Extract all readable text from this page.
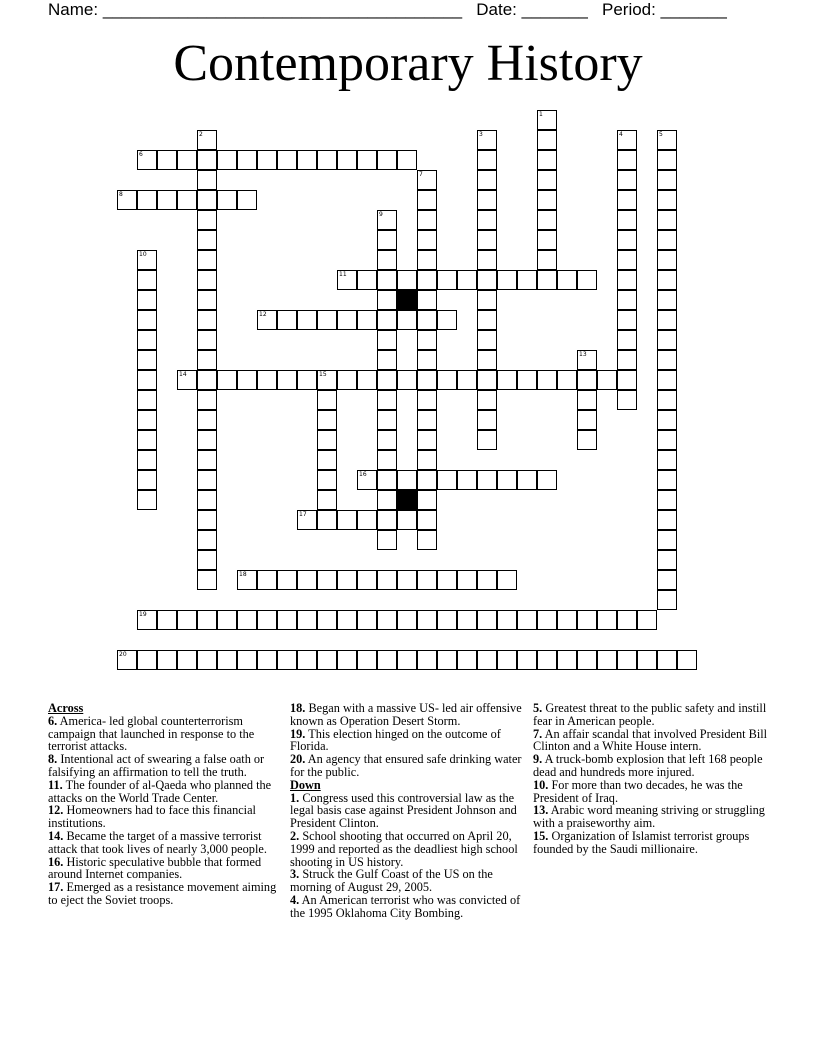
Name: ______________________________________ Date: _______ Period: _______
Contemporary History
1
2	3	4	5
6
7
8
9
10
11
12
13
14	15
16
17
18
19
20
Across
6. America- led global counterterrorism campaign that launched in response to the terrorist attacks.
8. Intentional act of swearing a false oath or falsifying an affirmation to tell the truth.
11. The founder of al-Qaeda who planned the attacks on the World Trade Center.
12. Homeowners had to face this financial institutions.
14. Became the target of a massive terrorist attack that took lives of nearly 3,000 people.
16. Historic speculative bubble that formed around Internet companies.
17. Emerged as a resistance movement aiming to eject the Soviet troops.
18. Began with a massive US- led air offensive known as Operation Desert Storm.
19. This election hinged on the outcome of Florida.
20. An agency that ensured safe drinking water for the public.
Down
1. Congress used this controversial law as the legal basis case against President Johnson and President Clinton.
2. School shooting that occurred on April 20, 1999 and reported as the deadliest high school shooting in US history.
3. Struck the Gulf Coast of the US on the morning of August 29, 2005.
4. An American terrorist who was convicted of the 1995 Oklahoma City Bombing.
5. Greatest threat to the public safety and instill fear in American people.
7. An affair scandal that involved President Bill Clinton and a White House intern.
9. A truck-bomb explosion that left 168 people dead and hundreds more injured.
10. For more than two decades, he was the President of Iraq.
13. Arabic word meaning striving or struggling with a praiseworthy aim.
15. Organization of Islamist terrorist groups founded by the Saudi millionaire.
